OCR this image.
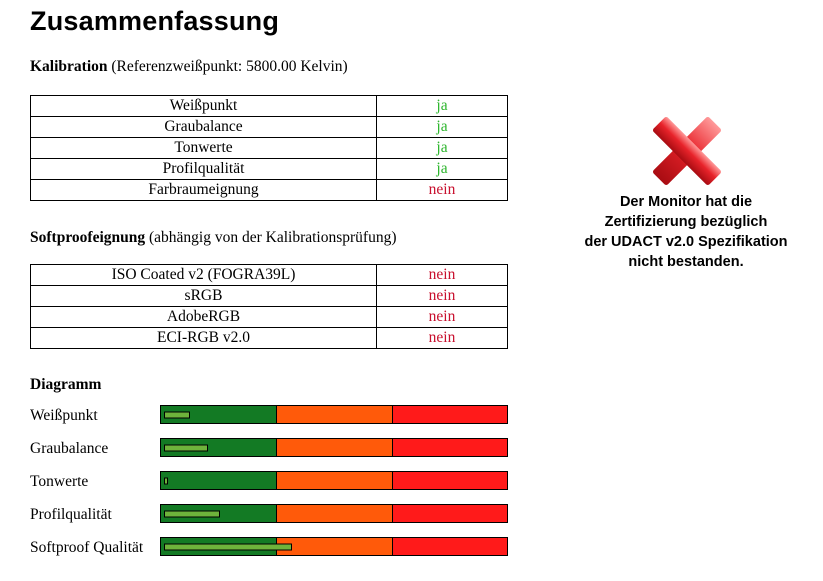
Zusammenfassung
Kalibration (Referenzweißpunkt: 5800.00 Kelvin)
Weißpunkt	ja
Graubalance	ja
Tonwerte	ja
Profilqualität	ja
Farbraumeignung	nein
Softproofeignung (abhängig von der Kalibrationsprüfung)
ISO Coated v2 (FOGRA39L)	nein
sRGB	nein
AdobeRGB	nein
ECI-RGB v2.0	nein
Diagramm
Weißpunkt
Graubalance
Tonwerte
Profilqualität
Softproof Qualität
Der Monitor hat die
Zertifizierung bezüglich
der UDACT v2.0 Spezifikation
nicht bestanden.
